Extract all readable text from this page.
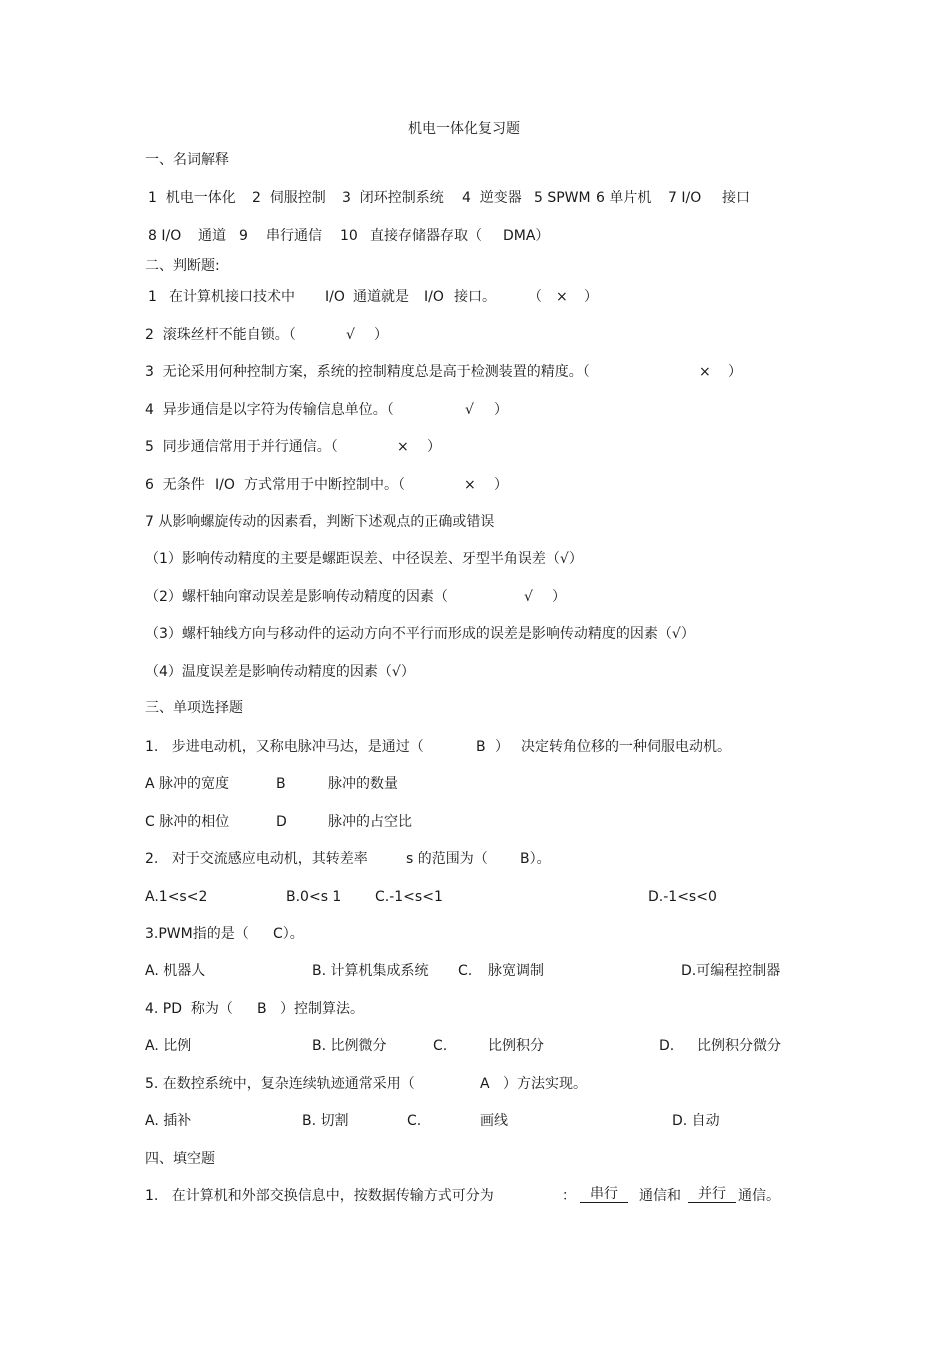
机电一体化复习题
一、名词解释
1  机电一体化 2  伺服控制 3  闭环控制系统 4  逆变器 5 SPWM 6 单片机 7 I/O 接口
8 I/O 通道 9 串行通信 10 直接存储器存取（ DMA）
二、判断题:
1 在计算机接口技术中 I/O 通道就是 I/O 接口。 （ × ）
2  滚珠丝杆不能自锁。（	√ ）
3  无论采用何种控制方案，系统的控制精度总是高于检测装置的精度。（	× ）
4  异步通信是以字符为传输信息单位。（	√ ）
5  同步通信常用于并行通信。（	× ）
6  无条件 I/O 方式常用于中断控制中。（	× ）
7 从影响螺旋传动的因素看，判断下述观点的正确或错误
（1）影响传动精度的主要是螺距误差、中径误差、牙型半角误差（√）
（2）螺杆轴向窜动误差是影响传动精度的因素（	√ ）
（3）螺杆轴线方向与移动件的运动方向不平行而形成的误差是影响传动精度的因素（√）
（4）温度误差是影响传动精度的因素（√）
三、单项选择题
1.   步进电动机，又称电脉冲马达，是通过（	B ） 决定转角位移的一种伺服电动机。
A 脉冲的宽度	B	脉冲的数量
C 脉冲的相位	D	脉冲的占空比
2.   对于交流感应电动机，其转差率	s 的范围为（ B）。
A.1<s<2	B.0<s 1 C.-1<s<1	D.-1<s<0
3.PWM指的是（ C）。
A. 机器人	B. 计算机集成系统 C. 脉宽调制	D.可编程控制器
4. PD  称为（ B ）控制算法。
A. 比例	B. 比例微分	C.	比例积分	D. 比例积分微分
5. 在数控系统中，复杂连续轨迹通常采用（	A ）方法实现。
A. 插补	B. 切割	C.	画线	D. 自动
四、填空题
1.   在计算机和外部交换信息中，按数据传输方式可分为	：	串行	通信和	并行 通信。
